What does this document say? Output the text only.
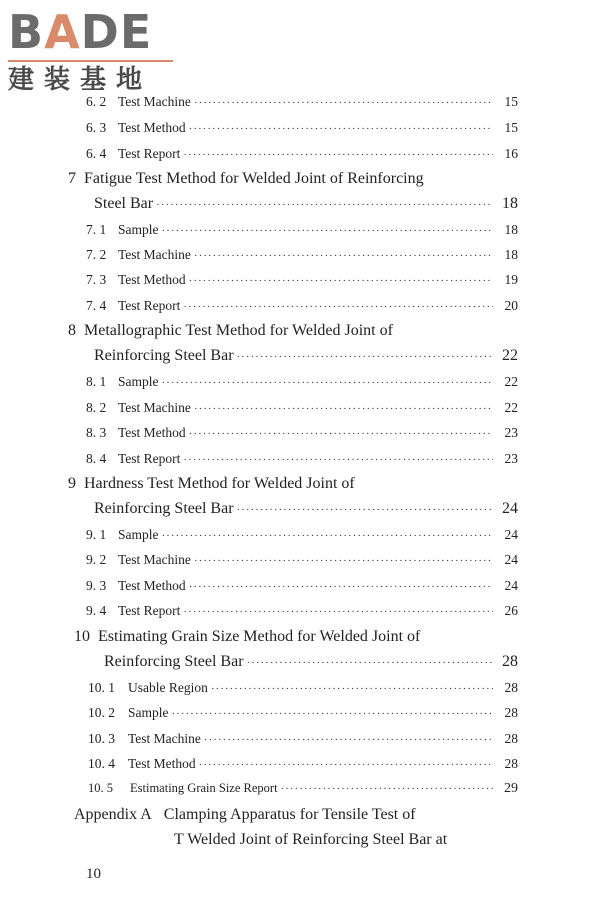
BADE
建装基地
6. 2 Test Machine ·····	15
6. 3 Test Method ·····	15
6. 4 Test Report ·····	16
7 Fatigue Test Method for Welded Joint of Reinforcing
Steel Bar ·····	18
7. 1 Sample ·····	18
7. 2 Test Machine ·····	18
7. 3 Test Method ·····	19
7. 4 Test Report ·····	20
8 Metallographic Test Method for Welded Joint of
Reinforcing Steel Bar ·····	22
8. 1 Sample ·····	22
8. 2 Test Machine ·····	22
8. 3 Test Method ·····	23
8. 4 Test Report ·····	23
9 Hardness Test Method for Welded Joint of
Reinforcing Steel Bar ·····	24
9. 1 Sample ·····	24
9. 2 Test Machine ·····	24
9. 3 Test Method ·····	24
9. 4 Test Report ·····	26
10 Estimating Grain Size Method for Welded Joint of
Reinforcing Steel Bar ·····	28
10. 1 Usable Region ·····	28
10. 2 Sample ·····	28
10. 3 Test Machine ·····	28
10. 4 Test Method ·····	28
10. 5	Estimating Grain Size Report ·····	29
Appendix A Clamping Apparatus for Tensile Test of
T Welded Joint of Reinforcing Steel Bar at
10
